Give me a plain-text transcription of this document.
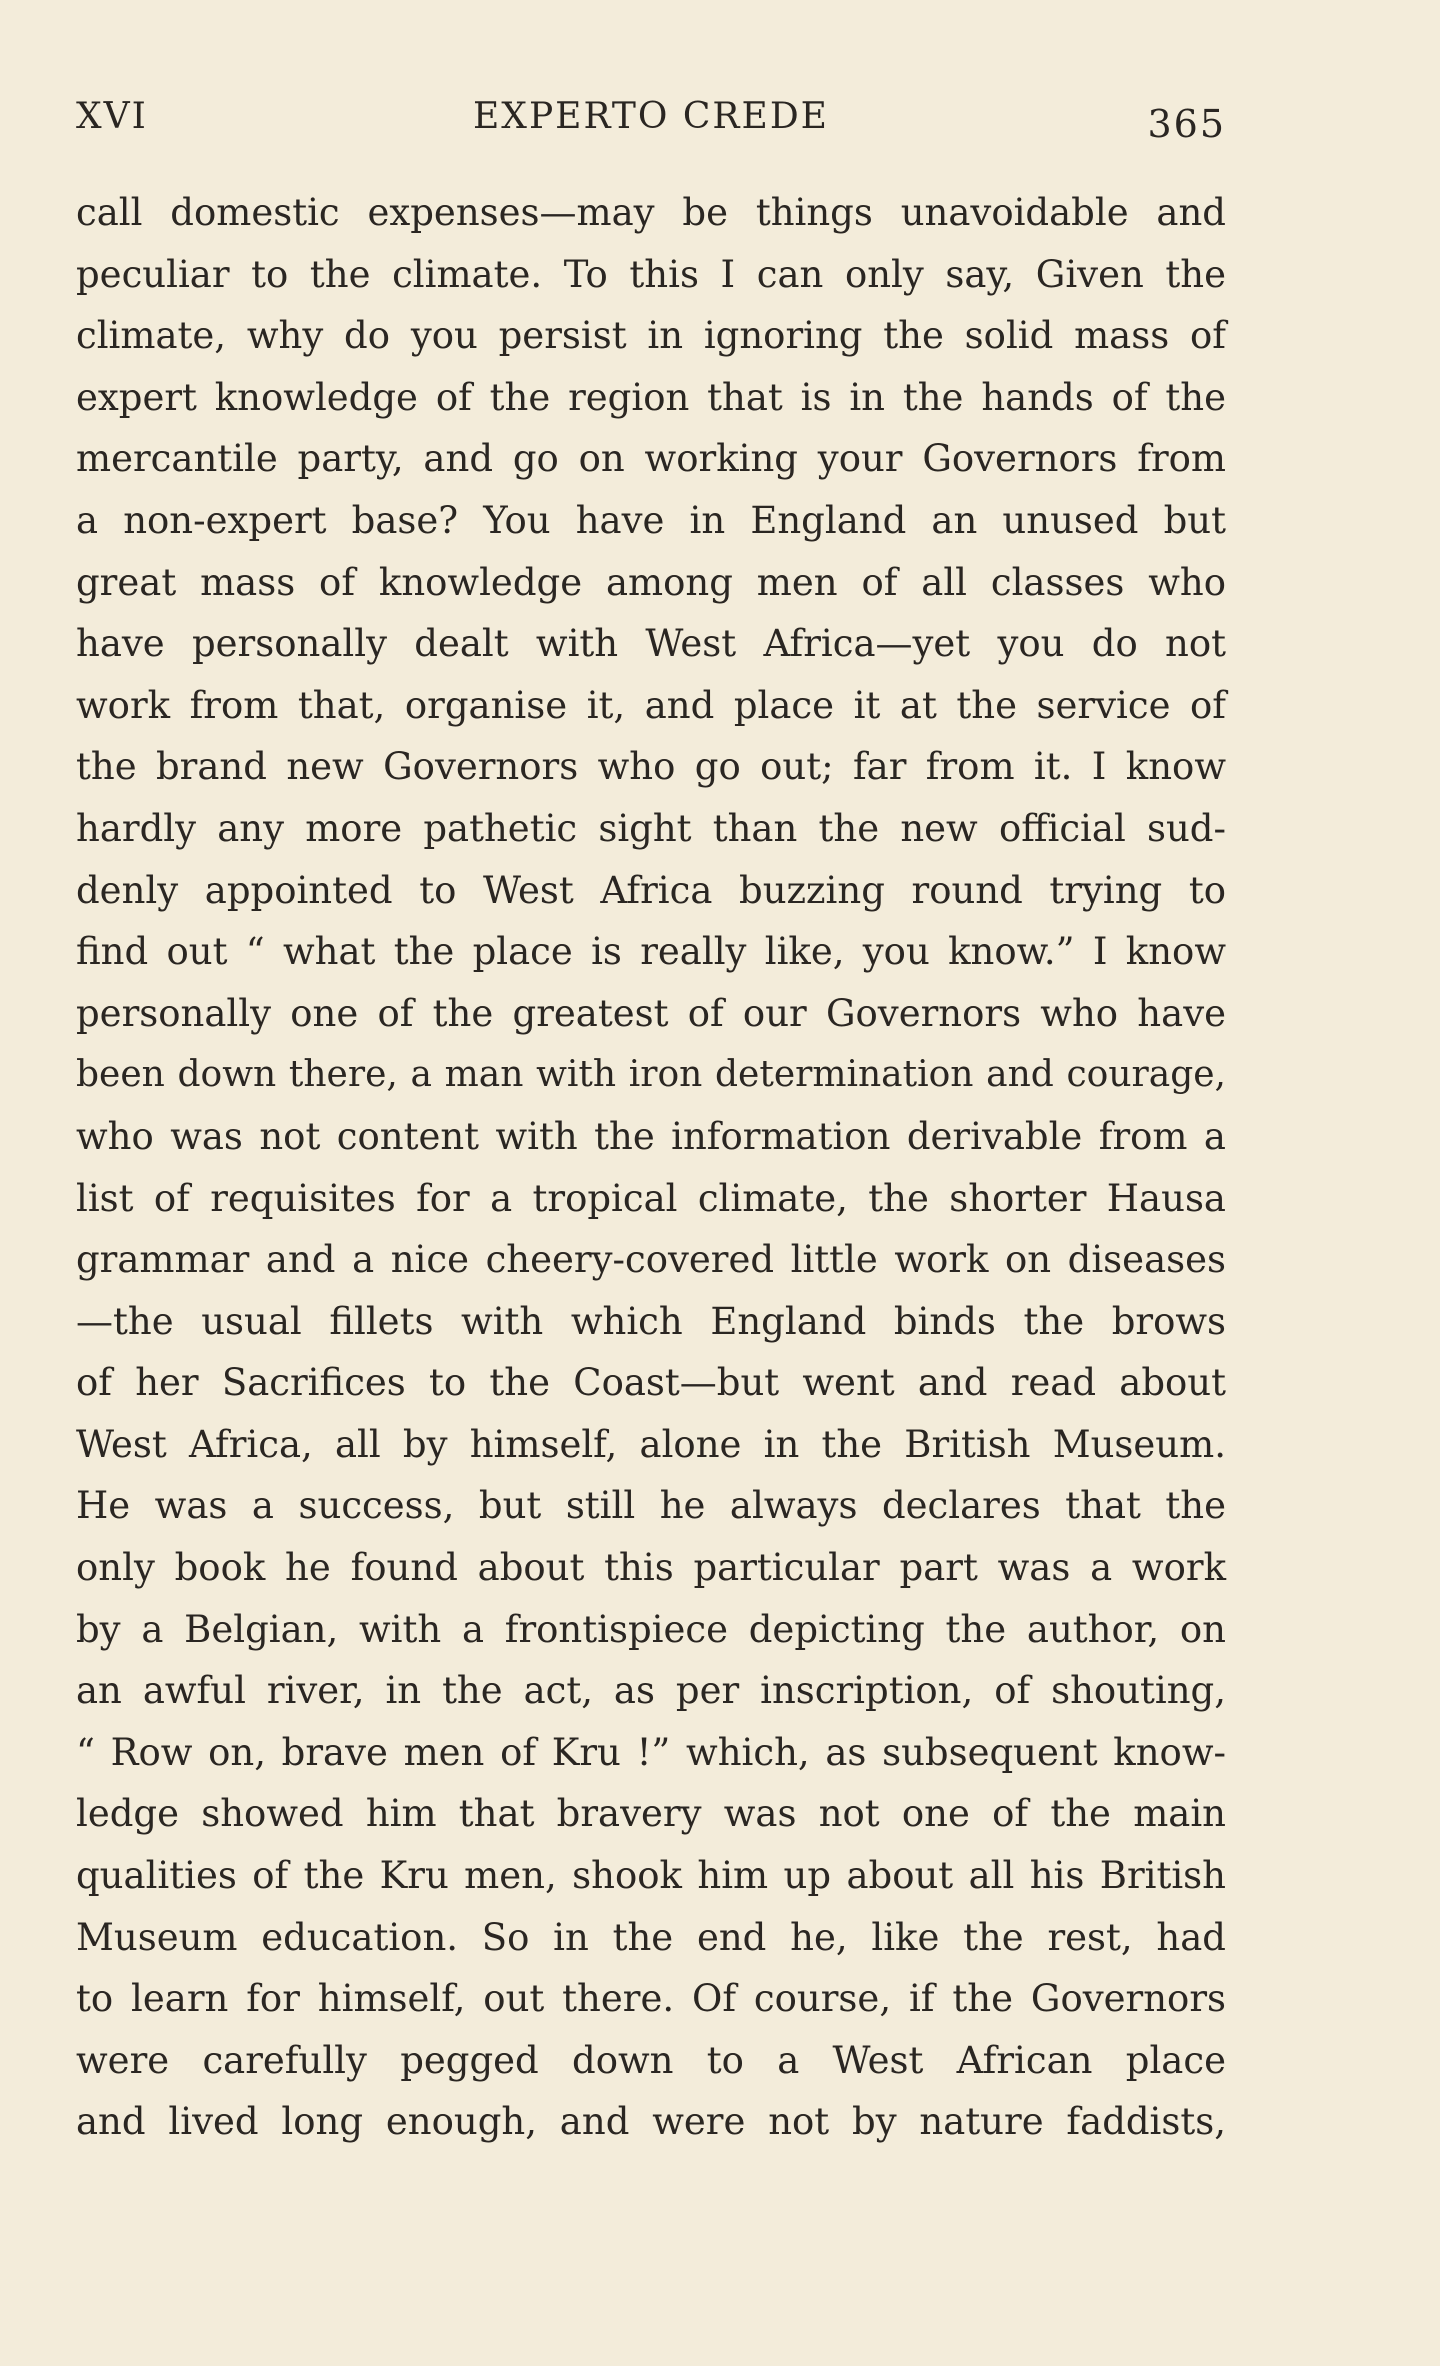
XVI	EXPERTO CREDE	365
call domestic expenses—may be things unavoidable and
peculiar to the climate. To this I can only say, Given the
climate, why do you persist in ignoring the solid mass of
expert knowledge of the region that is in the hands of the
mercantile party, and go on working your Governors from
a non-expert base? You have in England an unused but
great mass of knowledge among men of all classes who
have personally dealt with West Africa—yet you do not
work from that, organise it, and place it at the service of
the brand new Governors who go out; far from it. I know
hardly any more pathetic sight than the new official sud-
denly appointed to West Africa buzzing round trying to
find out “ what the place is really like, you know.” I know
personally one of the greatest of our Governors who have
been down there, a man with iron determination and courage,
who was not content with the information derivable from a
list of requisites for a tropical climate, the shorter Hausa
grammar and a nice cheery-covered little work on diseases
—the usual fillets with which England binds the brows
of her Sacrifices to the Coast—but went and read about
West Africa, all by himself, alone in the British Museum.
He was a success, but still he always declares that the
only book he found about this particular part was a work
by a Belgian, with a frontispiece depicting the author, on
an awful river, in the act, as per inscription, of shouting,
“ Row on, brave men of Kru !” which, as subsequent know-
ledge showed him that bravery was not one of the main
qualities of the Kru men, shook him up about all his British
Museum education. So in the end he, like the rest, had
to learn for himself, out there. Of course, if the Governors
were carefully pegged down to a West African place
and lived long enough, and were not by nature faddists,
